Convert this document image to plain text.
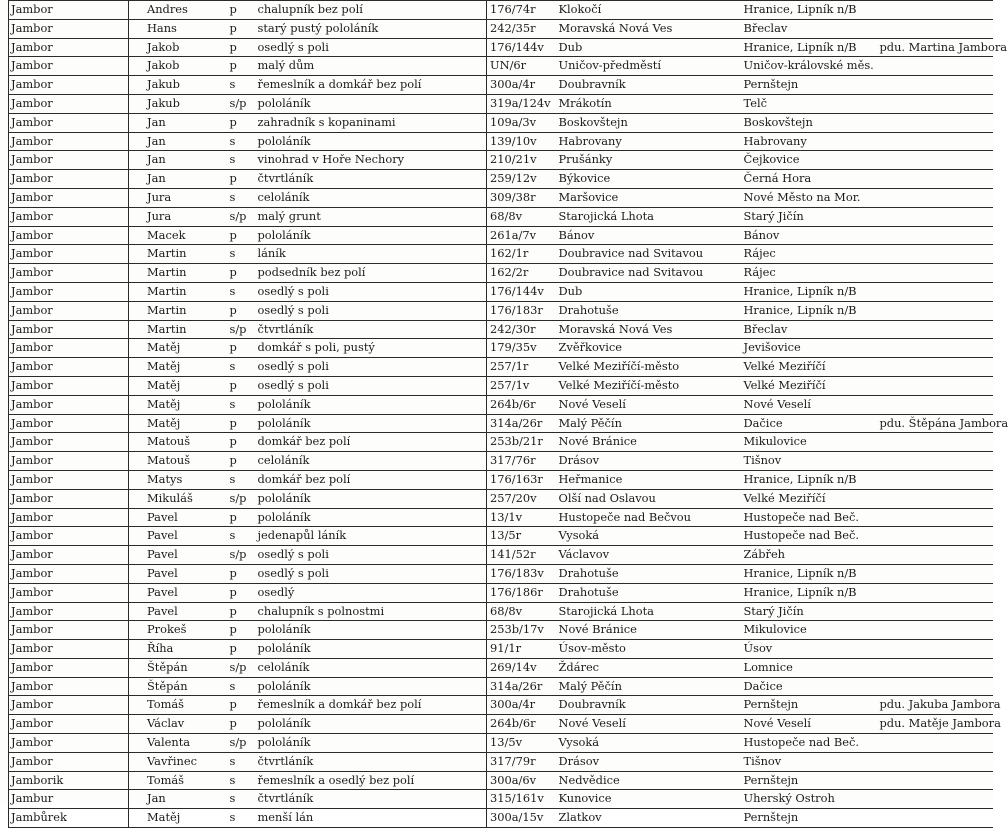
Jambor	Andres	p	chalupník bez polí	176/74r	Klokočí	Hranice, Lipník n/B	
Jambor	Hans	p	starý pustý pololáník	242/35r	Moravská Nová Ves	Břeclav	
Jambor	Jakob	p	osedlý s poli	176/144v	Dub	Hranice, Lipník n/B	pdu. Martina Jambora
Jambor	Jakob	p	malý dům	UN/6r	Uničov-předměstí	Uničov-královské měs.	
Jambor	Jakub	s	řemeslník a domkář bez polí	300a/4r	Doubravník	Pernštejn	
Jambor	Jakub	s/p	pololáník	319a/124v	Mrákotín	Telč	
Jambor	Jan	p	zahradník s kopaninami	109a/3v	Boskovštejn	Boskovštejn	
Jambor	Jan	s	pololáník	139/10v	Habrovany	Habrovany	
Jambor	Jan	s	vinohrad v Hoře Nechory	210/21v	Prušánky	Čejkovice	
Jambor	Jan	p	čtvrtláník	259/12v	Býkovice	Černá Hora	
Jambor	Jura	s	celoláník	309/38r	Maršovice	Nové Město na Mor.	
Jambor	Jura	s/p	malý grunt	68/8v	Starojická Lhota	Starý Jičín	
Jambor	Macek	p	pololáník	261a/7v	Bánov	Bánov	
Jambor	Martin	s	láník	162/1r	Doubravice nad Svitavou	Rájec	
Jambor	Martin	p	podsedník bez polí	162/2r	Doubravice nad Svitavou	Rájec	
Jambor	Martin	s	osedlý s poli	176/144v	Dub	Hranice, Lipník n/B	
Jambor	Martin	p	osedlý s poli	176/183r	Drahotuše	Hranice, Lipník n/B	
Jambor	Martin	s/p	čtvrtláník	242/30r	Moravská Nová Ves	Břeclav	
Jambor	Matěj	p	domkář s poli, pustý	179/35v	Zvěřkovice	Jevišovice	
Jambor	Matěj	s	osedlý s poli	257/1r	Velké Meziříčí-město	Velké Meziříčí	
Jambor	Matěj	p	osedlý s poli	257/1v	Velké Meziříčí-město	Velké Meziříčí	
Jambor	Matěj	s	pololáník	264b/6r	Nové Veselí	Nové Veselí	
Jambor	Matěj	p	pololáník	314a/26r	Malý Pěčín	Dačice	pdu. Štěpána Jambora
Jambor	Matouš	p	domkář bez polí	253b/21r	Nové Bránice	Mikulovice	
Jambor	Matouš	p	celoláník	317/76r	Drásov	Tišnov	
Jambor	Matys	s	domkář bez polí	176/163r	Heřmanice	Hranice, Lipník n/B	
Jambor	Mikuláš	s/p	pololáník	257/20v	Olší nad Oslavou	Velké Meziříčí	
Jambor	Pavel	p	pololáník	13/1v	Hustopeče nad Bečvou	Hustopeče nad Beč.	
Jambor	Pavel	s	jedenapůl láník	13/5r	Vysoká	Hustopeče nad Beč.	
Jambor	Pavel	s/p	osedlý s poli	141/52r	Václavov	Zábřeh	
Jambor	Pavel	p	osedlý s poli	176/183v	Drahotuše	Hranice, Lipník n/B	
Jambor	Pavel	p	osedlý	176/186r	Drahotuše	Hranice, Lipník n/B	
Jambor	Pavel	p	chalupník s polnostmi	68/8v	Starojická Lhota	Starý Jičín	
Jambor	Prokeš	p	pololáník	253b/17v	Nové Bránice	Mikulovice	
Jambor	Říha	p	pololáník	91/1r	Úsov-město	Úsov	
Jambor	Štěpán	s/p	celoláník	269/14v	Ždárec	Lomnice	
Jambor	Štěpán	s	pololáník	314a/26r	Malý Pěčín	Dačice	
Jambor	Tomáš	p	řemeslník a domkář bez polí	300a/4r	Doubravník	Pernštejn	pdu. Jakuba Jambora
Jambor	Václav	p	pololáník	264b/6r	Nové Veselí	Nové Veselí	pdu. Matěje Jambora
Jambor	Valenta	s/p	pololáník	13/5v	Vysoká	Hustopeče nad Beč.	
Jambor	Vavřinec	s	čtvrtláník	317/79r	Drásov	Tišnov	
Jamborik	Tomáš	s	řemeslník a osedlý bez polí	300a/6v	Nedvědice	Pernštejn	
Jambur	Jan	s	čtvrtláník	315/161v	Kunovice	Uherský Ostroh	
Jambůrek	Matěj	s	menší lán	300a/15v	Zlatkov	Pernštejn	
